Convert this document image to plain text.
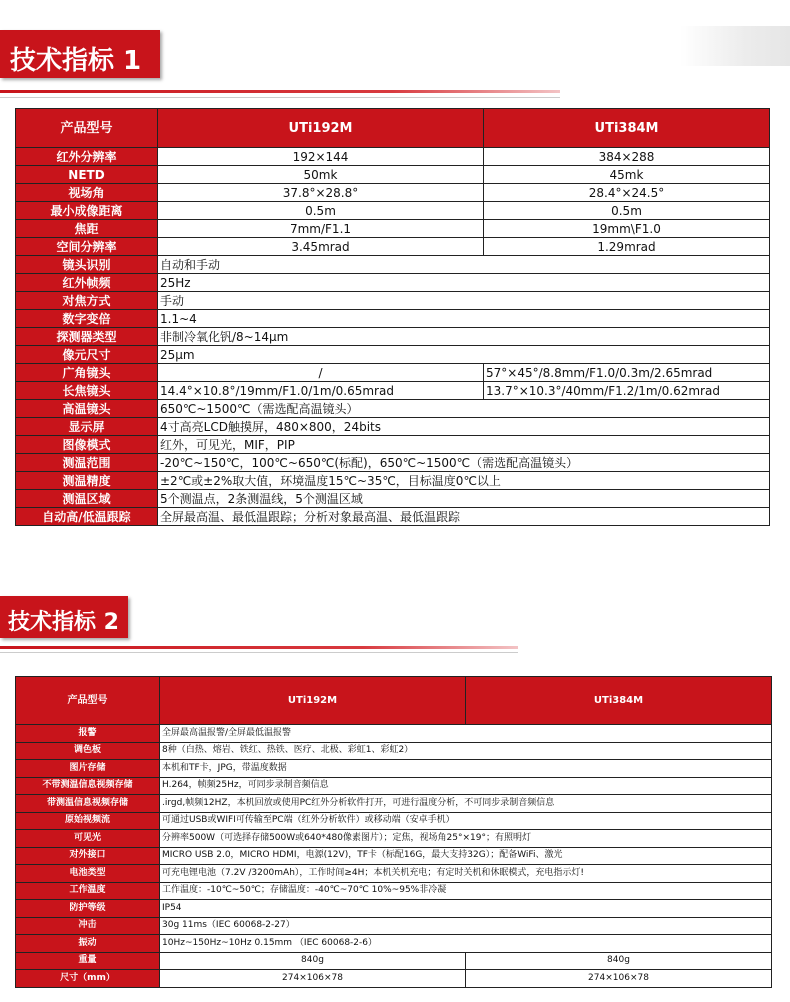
技术指标 1
产品型号	UTi192M	UTi384M
红外分辨率	192×144	384×288
NETD	50mk	45mk
视场角	37.8°×28.8°	28.4°×24.5°
最小成像距离	0.5m	0.5m
焦距	7mm/F1.1	19mm\F1.0
空间分辨率	3.45mrad	1.29mrad
镜头识别	自动和手动	
红外帧频	25Hz	
对焦方式	手动	
数字变倍	1.1~4	
探测器类型	非制冷氧化钒/8~14μm	
像元尺寸	25μm	
广角镜头	/	57°×45°/8.8mm/F1.0/0.3m/2.65mrad
长焦镜头	14.4°×10.8°/19mm/F1.0/1m/0.65mrad	13.7°×10.3°/40mm/F1.2/1m/0.62mrad
高温镜头	650℃~1500℃（需选配高温镜头）	
显示屏	4寸高亮LCD触摸屏，480×800，24bits	
图像模式	红外，可见光，MIF，PIP	
测温范围	-20℃~150℃，100℃~650℃(标配)，650℃~1500℃（需选配高温镜头）	
测温精度	±2℃或±2%取大值，环境温度15℃~35℃，目标温度0℃以上	
测温区域	5个测温点，2条测温线，5个测温区域	
自动高/低温跟踪	全屏最高温、最低温跟踪；分析对象最高温、最低温跟踪	
技术指标 2
产品型号	UTi192M	UTi384M
报警	全屏最高温报警/全屏最低温报警	
调色板	8种（白热、熔岩、铁红、热铁、医疗、北极、彩虹1、彩虹2）	
图片存储	本机和TF卡，JPG，带温度数据	
不带测温信息视频存储	H.264，帧频25Hz，可同步录制音频信息	
带测温信息视频存储	.irgd,帧频12HZ，本机回放或使用PC红外分析软件打开，可进行温度分析，不可同步录制音频信息	
原始视频流	可通过USB或WIFI可传输至PC端（红外分析软件）或移动端（安卓手机）	
可见光	分辨率500W（可选择存储500W或640*480像素图片）；定焦，视场角25°×19°；有照明灯	
对外接口	MICRO USB 2.0，MICRO HDMI，电源(12V)，TF卡（标配16G，最大支持32G）；配备WiFi、激光	
电池类型	可充电锂电池（7.2V /3200mAh），工作时间≥4H；本机关机充电；有定时关机和休眠模式，充电指示灯!	
工作温度	工作温度：-10℃~50℃；存储温度：-40℃~70℃ 10%~95%非冷凝	
防护等级	IP54	
冲击	30g 11ms（IEC 60068-2-27）	
振动	10Hz~150Hz~10Hz 0.15mm （IEC 60068-2-6）	
重量	840g	840g
尺寸（mm）	274×106×78	274×106×78
